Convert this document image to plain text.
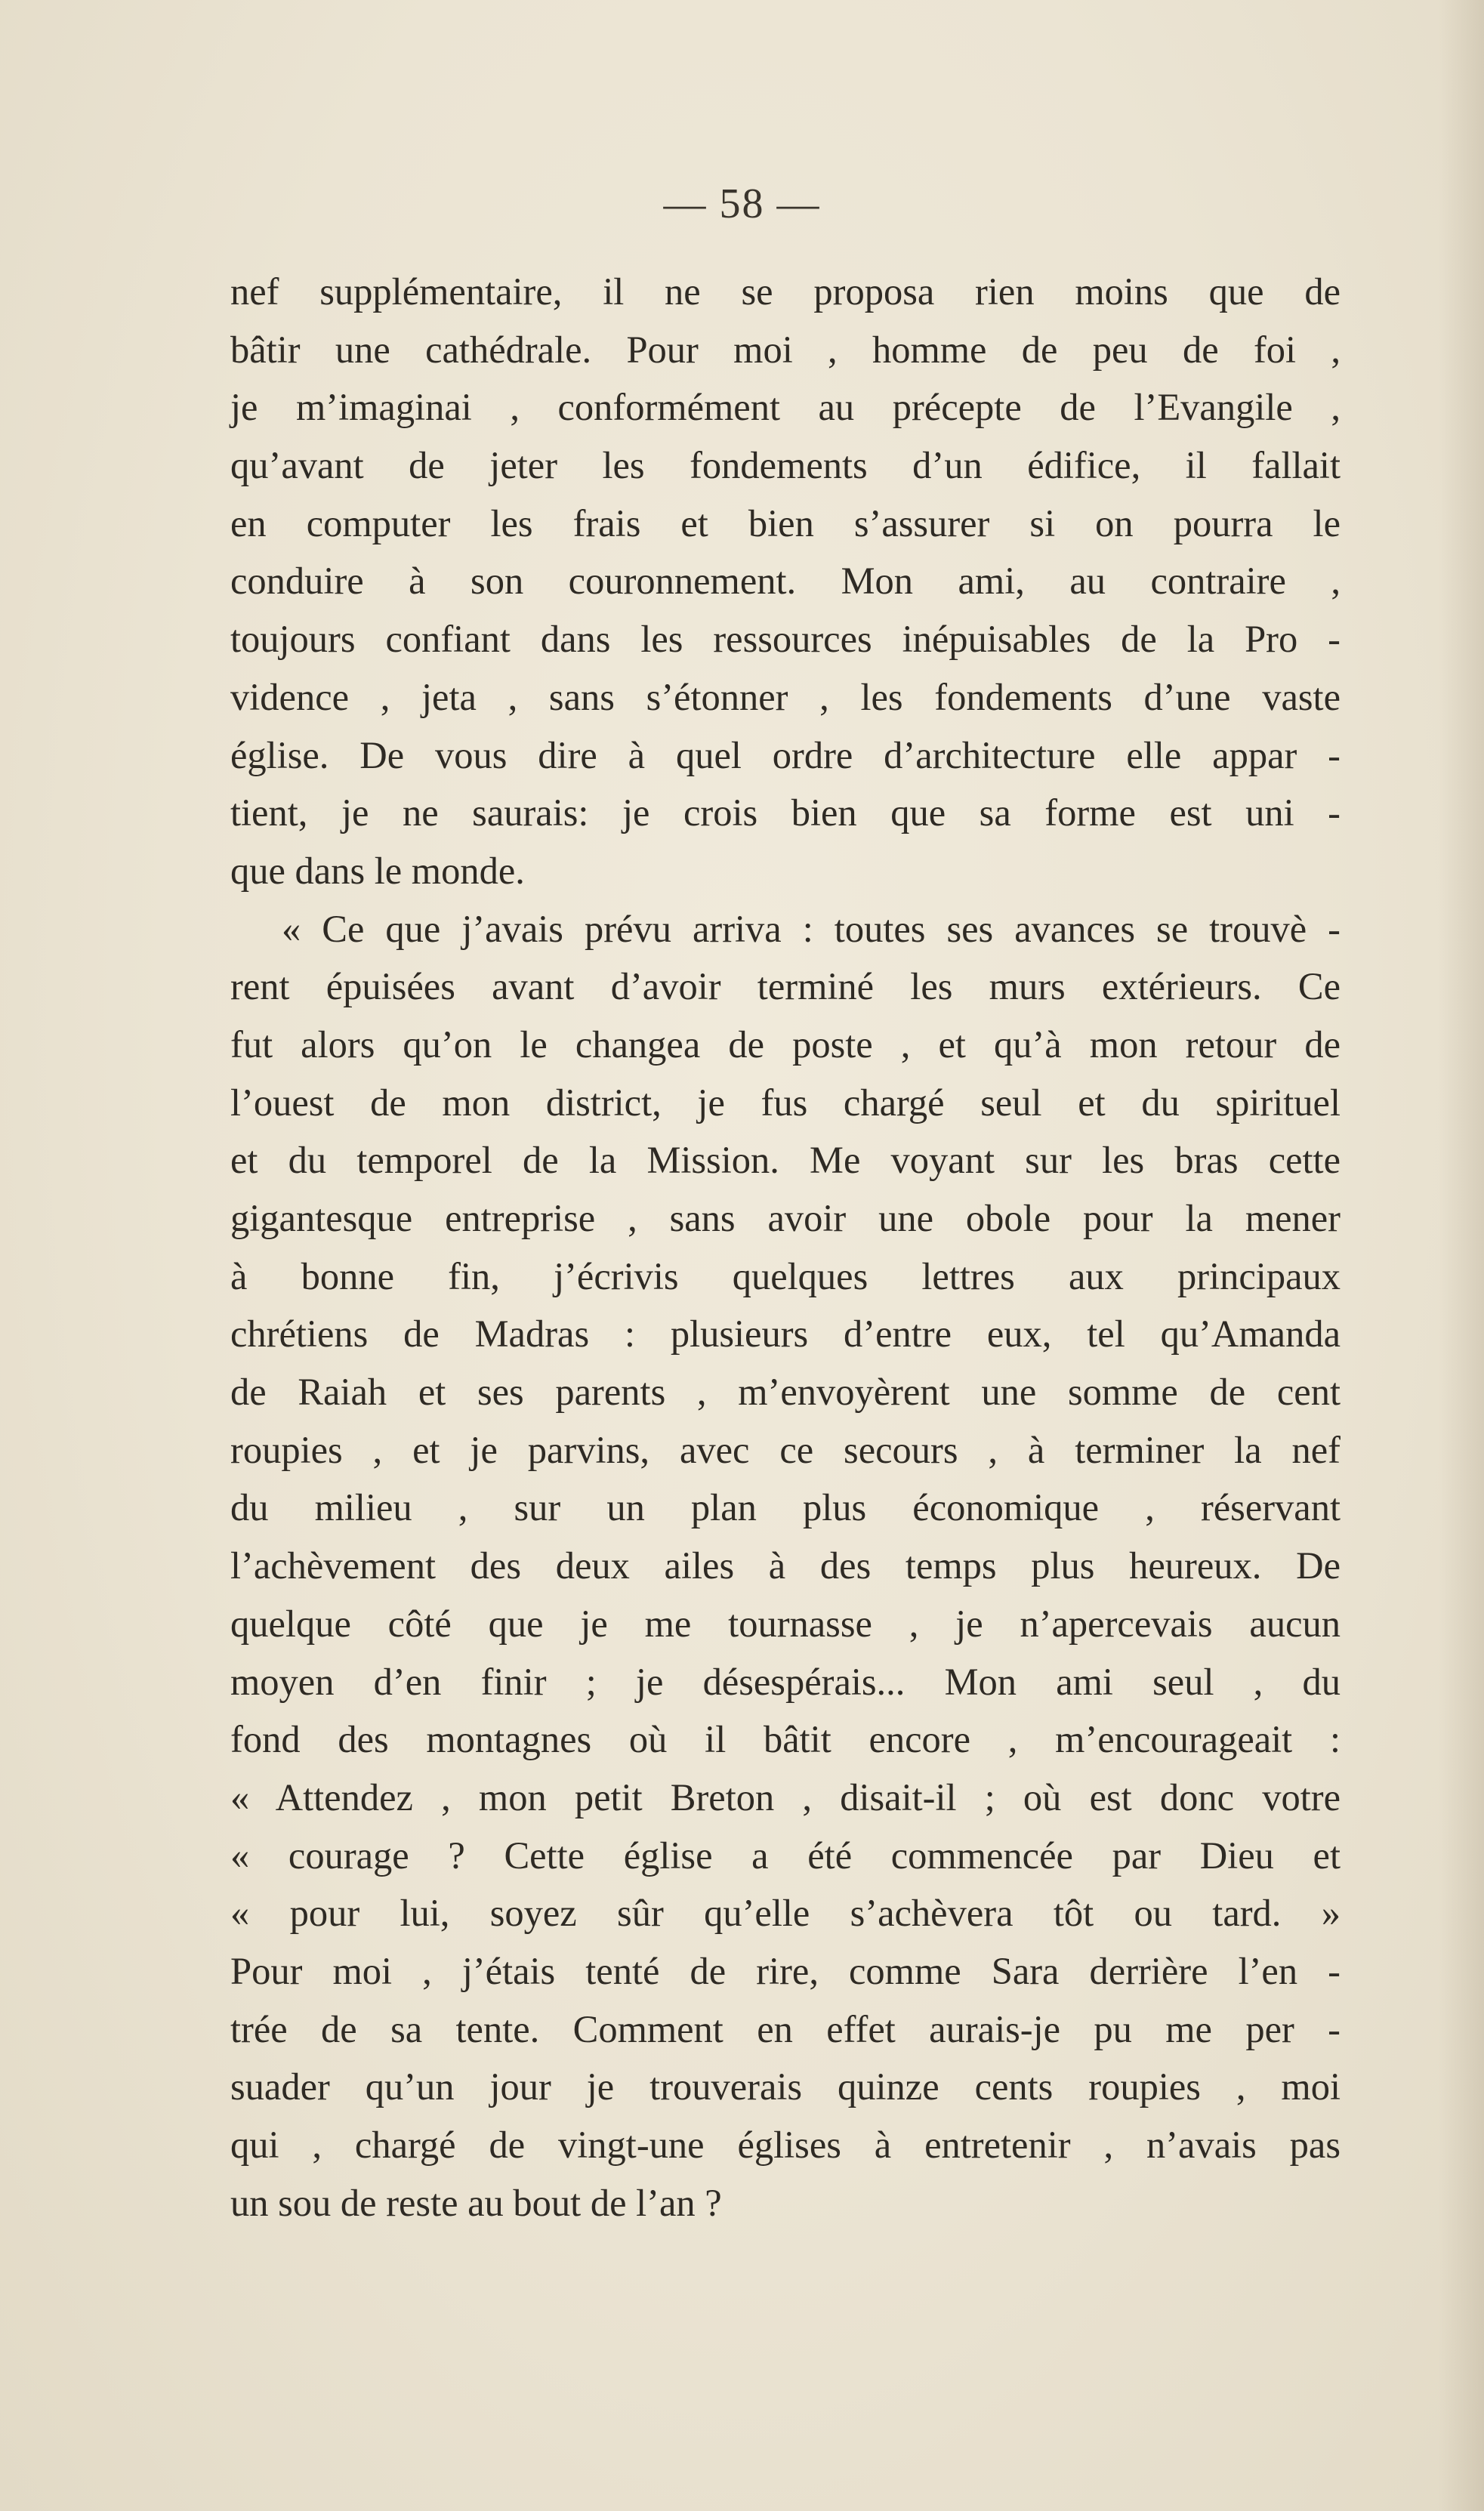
— 58 —
nef supplémentaire, il ne se proposa rien moins que de
bâtir une cathédrale. Pour moi , homme de peu de foi ,
je m’imaginai , conformément au précepte de l’Evangile ,
qu’avant de jeter les fondements d’un édifice, il fallait
en computer les frais et bien s’assurer si on pourra le
conduire à son couronnement. Mon ami, au contraire ,
toujours confiant dans les ressources inépuisables de la Pro -
vidence , jeta , sans s’étonner , les fondements d’une vaste
église. De vous dire à quel ordre d’architecture elle appar -
tient, je ne saurais: je crois bien que sa forme est uni -
que dans le monde.
« Ce que j’avais prévu arriva : toutes ses avances se trouvè -
rent épuisées avant d’avoir terminé les murs extérieurs. Ce
fut alors qu’on le changea de poste , et qu’à mon retour de
l’ouest de mon district, je fus chargé seul et du spirituel
et du temporel de la Mission. Me voyant sur les bras cette
gigantesque entreprise , sans avoir une obole pour la mener
à bonne fin, j’écrivis quelques lettres aux principaux
chrétiens de Madras : plusieurs d’entre eux, tel qu’Amanda
de Raiah et ses parents , m’envoyèrent une somme de cent
roupies , et je parvins, avec ce secours , à terminer la nef
du milieu , sur un plan plus économique , réservant
l’achèvement des deux ailes à des temps plus heureux. De
quelque côté que je me tournasse , je n’apercevais aucun
moyen d’en finir ; je désespérais... Mon ami seul , du
fond des montagnes où il bâtit encore , m’encourageait :
« Attendez , mon petit Breton , disait-il ; où est donc votre
« courage ? Cette église a été commencée par Dieu et
« pour lui, soyez sûr qu’elle s’achèvera tôt ou tard. »
Pour moi , j’étais tenté de rire, comme Sara derrière l’en -
trée de sa tente. Comment en effet aurais-je pu me per -
suader qu’un jour je trouverais quinze cents roupies , moi
qui , chargé de vingt-une églises à entretenir , n’avais pas
un sou de reste au bout de l’an ?
